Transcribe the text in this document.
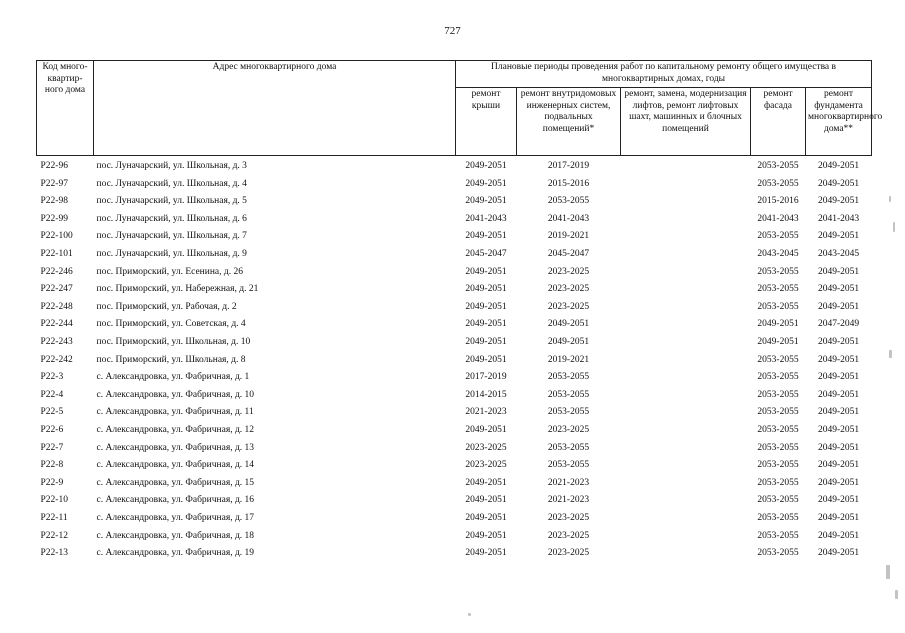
727
Код много-квартир-ного дома	Адрес многоквартирного дома	Плановые периоды проведения работ по капитальному ремонту общего имущества в многоквартирных домах, годы				
		ремонт крыши	ремонт внутридомовых инженерных систем, подвальных помещений*	ремонт, замена, модернизация лифтов, ремонт лифтовых шахт, машинных и блочных помещений	ремонт фасада	ремонт фундамента многоквартирного дома**
Р22-96	пос. Луначарский, ул. Школьная, д. 3	2049-2051	2017-2019		2053-2055	2049-2051
Р22-97	пос. Луначарский, ул. Школьная, д. 4	2049-2051	2015-2016		2053-2055	2049-2051
Р22-98	пос. Луначарский, ул. Школьная, д. 5	2049-2051	2053-2055		2015-2016	2049-2051
Р22-99	пос. Луначарский, ул. Школьная, д. 6	2041-2043	2041-2043		2041-2043	2041-2043
Р22-100	пос. Луначарский, ул. Школьная, д. 7	2049-2051	2019-2021		2053-2055	2049-2051
Р22-101	пос. Луначарский, ул. Школьная, д. 9	2045-2047	2045-2047		2043-2045	2043-2045
Р22-246	пос. Приморский, ул. Есенина, д. 26	2049-2051	2023-2025		2053-2055	2049-2051
Р22-247	пос. Приморский, ул. Набережная, д. 21	2049-2051	2023-2025		2053-2055	2049-2051
Р22-248	пос. Приморский, ул. Рабочая, д. 2	2049-2051	2023-2025		2053-2055	2049-2051
Р22-244	пос. Приморский, ул. Советская, д. 4	2049-2051	2049-2051		2049-2051	2047-2049
Р22-243	пос. Приморский, ул. Школьная, д. 10	2049-2051	2049-2051		2049-2051	2049-2051
Р22-242	пос. Приморский, ул. Школьная, д. 8	2049-2051	2019-2021		2053-2055	2049-2051
Р22-3	с. Александровка, ул. Фабричная, д. 1	2017-2019	2053-2055		2053-2055	2049-2051
Р22-4	с. Александровка, ул. Фабричная, д. 10	2014-2015	2053-2055		2053-2055	2049-2051
Р22-5	с. Александровка, ул. Фабричная, д. 11	2021-2023	2053-2055		2053-2055	2049-2051
Р22-6	с. Александровка, ул. Фабричная, д. 12	2049-2051	2023-2025		2053-2055	2049-2051
Р22-7	с. Александровка, ул. Фабричная, д. 13	2023-2025	2053-2055		2053-2055	2049-2051
Р22-8	с. Александровка, ул. Фабричная, д. 14	2023-2025	2053-2055		2053-2055	2049-2051
Р22-9	с. Александровка, ул. Фабричная, д. 15	2049-2051	2021-2023		2053-2055	2049-2051
Р22-10	с. Александровка, ул. Фабричная, д. 16	2049-2051	2021-2023		2053-2055	2049-2051
Р22-11	с. Александровка, ул. Фабричная, д. 17	2049-2051	2023-2025		2053-2055	2049-2051
Р22-12	с. Александровка, ул. Фабричная, д. 18	2049-2051	2023-2025		2053-2055	2049-2051
Р22-13	с. Александровка, ул. Фабричная, д. 19	2049-2051	2023-2025		2053-2055	2049-2051
